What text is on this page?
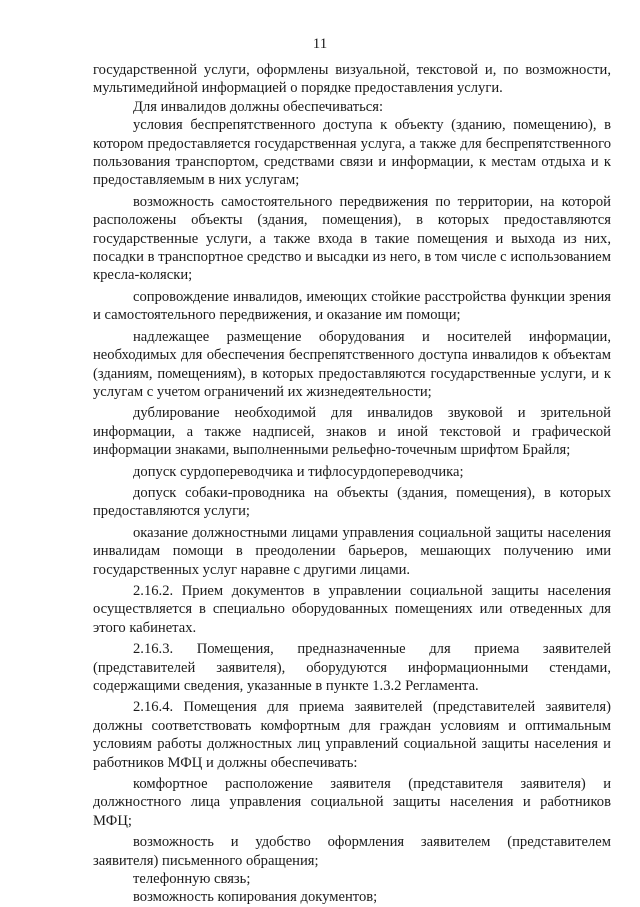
11

государственной услуги, оформлены визуальной, текстовой и, по возможности, мультимедийной информацией о порядке предоставления услуги.

Для инвалидов должны обеспечиваться:

условия беспрепятственного доступа к объекту (зданию, помещению), в котором предоставляется государственная услуга, а также для беспрепятственного пользования транспортом, средствами связи и информации, к местам отдыха и к предоставляемым в них услугам;

возможность самостоятельного передвижения по территории, на которой расположены объекты (здания, помещения), в которых предоставляются государственные услуги, а также входа в такие помещения и выхода из них, посадки в транспортное средство и высадки из него, в том числе с использованием кресла-коляски;

сопровождение инвалидов, имеющих стойкие расстройства функции зрения и самостоятельного передвижения, и оказание им помощи;

надлежащее размещение оборудования и носителей информации, необходимых для обеспечения беспрепятственного доступа инвалидов к объектам (зданиям, помещениям), в которых предоставляются государственные услуги, и к услугам с учетом ограничений их жизнедеятельности;

дублирование необходимой для инвалидов звуковой и зрительной информации, а также надписей, знаков и иной текстовой и графической информации знаками, выполненными рельефно-точечным шрифтом Брайля;

допуск сурдопереводчика и тифлосурдопереводчика;

допуск собаки-проводника на объекты (здания, помещения), в которых предоставляются услуги;

оказание должностными лицами управления социальной защиты населения инвалидам помощи в преодолении барьеров, мешающих получению ими государственных услуг наравне с другими лицами.

2.16.2. Прием документов в управлении социальной защиты населения осуществляется в специально оборудованных помещениях или отведенных для этого кабинетах.

2.16.3. Помещения, предназначенные для приема заявителей (представителей заявителя), оборудуются информационными стендами, содержащими сведения, указанные в пункте 1.3.2 Регламента.

2.16.4. Помещения для приема заявителей (представителей заявителя) должны соответствовать комфортным для граждан условиям и оптимальным условиям работы должностных лиц управлений социальной защиты населения и работников МФЦ и должны обеспечивать:

комфортное расположение заявителя (представителя заявителя) и должностного лица управления социальной защиты населения и работников МФЦ;

возможность и удобство оформления заявителем (представителем заявителя) письменного обращения;

телефонную связь;

возможность копирования документов;
